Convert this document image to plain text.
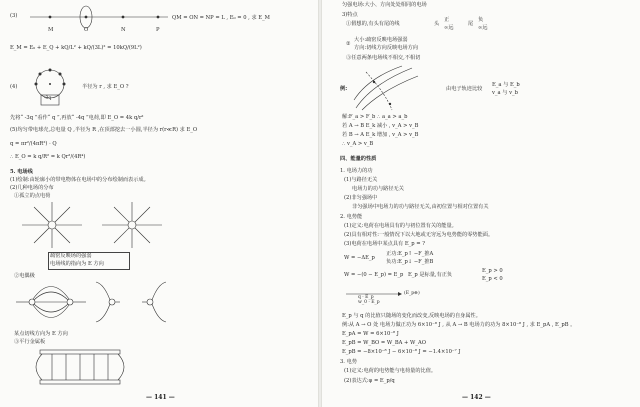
(3)
M	O	N	P
QM = ON = NP = L , E₀ = 0 , 求 E_M
E_M = E₀ + E_Q + kQ/L² + kQ/(3L)² = 10kQ/(9L²)
(4)
-3q
半径为 r , 求 E_O ?
先将“ -3q ”看作“ q ”,再放“ -4q ”电荷,即 E_O = 4k q/r²
(5)均匀带电球壳,总电量 Q ,半径为 R ,在顶部挖去一小圆,半径为 r(r≪R) 求 E_O
q = πr²/(4πR²) · Q
∴ E_O = k q/R² = k Qr²/(4R⁴)
5. 电场线
(1)绘制:由轮廓小的带电物体在电场中的分布绘制而表示成。
(2)几种电场的分布
①孤立的点电荷
疏密反映场的强弱
电场线的指向为 E 方向
②电偶极
某点切线方向为 E 方向
③平行金属板
— 141 —
匀强电场:大小、方向处处相同的电场
3)特点
①假想的,有头有尾的线	头
正
∞远
尾
负
∞远
②
大小:疏密反映电场强弱
方向:切线方向反映电场方向
③任意两条电场线不相交,不相切
例:	由电子轨迹比较
E_a 与 E_b
v_a 与 v_b
解:F_a > F_b ∴ a_a > a_b
若 A → B E_k 减小 , v_A > v_B
若 B → A E_k 增加 , v_A > v_B
∴ v_A > v_B
四、能量的性质
1. 电场力的功
(1)与路径无关
电场力的功与路径无关
(2)非匀强场中
非匀强场中电场力的功与路径无关,由初位置与相对位置有关
2. 电势能
(1)定义:电荷在电场具有的与初位置有关的能量。
(2)具有相对性:一般情况下以大地或无穷远为电势能的零势能面。
(3)电荷在电场中某点具有 E_p = ?
W = −ΔE_p
正功:E_p↑ −F_推A
负功:E_p↓ −F_推B
W = −(0 − E_p) = E_p E_p 是标量,有正负
E_p > 0
E_p < 0
q · E_p
w_0 · E_p
(E_p⊕)
E_p 与 q 的比值只随场的变化而改变,反映电场的自身属性。
例:从 A → O 处 电场力做正功为 6×10⁻⁸ J , 从 A → B 电场力的功为 8×10⁻⁸ J , 求 E_pA , E_pB 。
E_pA = W = 6×10⁻⁸ J
E_pB = W_BO = W_BA + W_AO
E_pB = −8×10⁻⁸ J − 6×10⁻⁸ J = −1.4×10⁻⁷ J
3. 电势
(1)定义:电荷的电势能与电荷量的比值。
(2)表达式:φ = E_p/q
— 142 —
